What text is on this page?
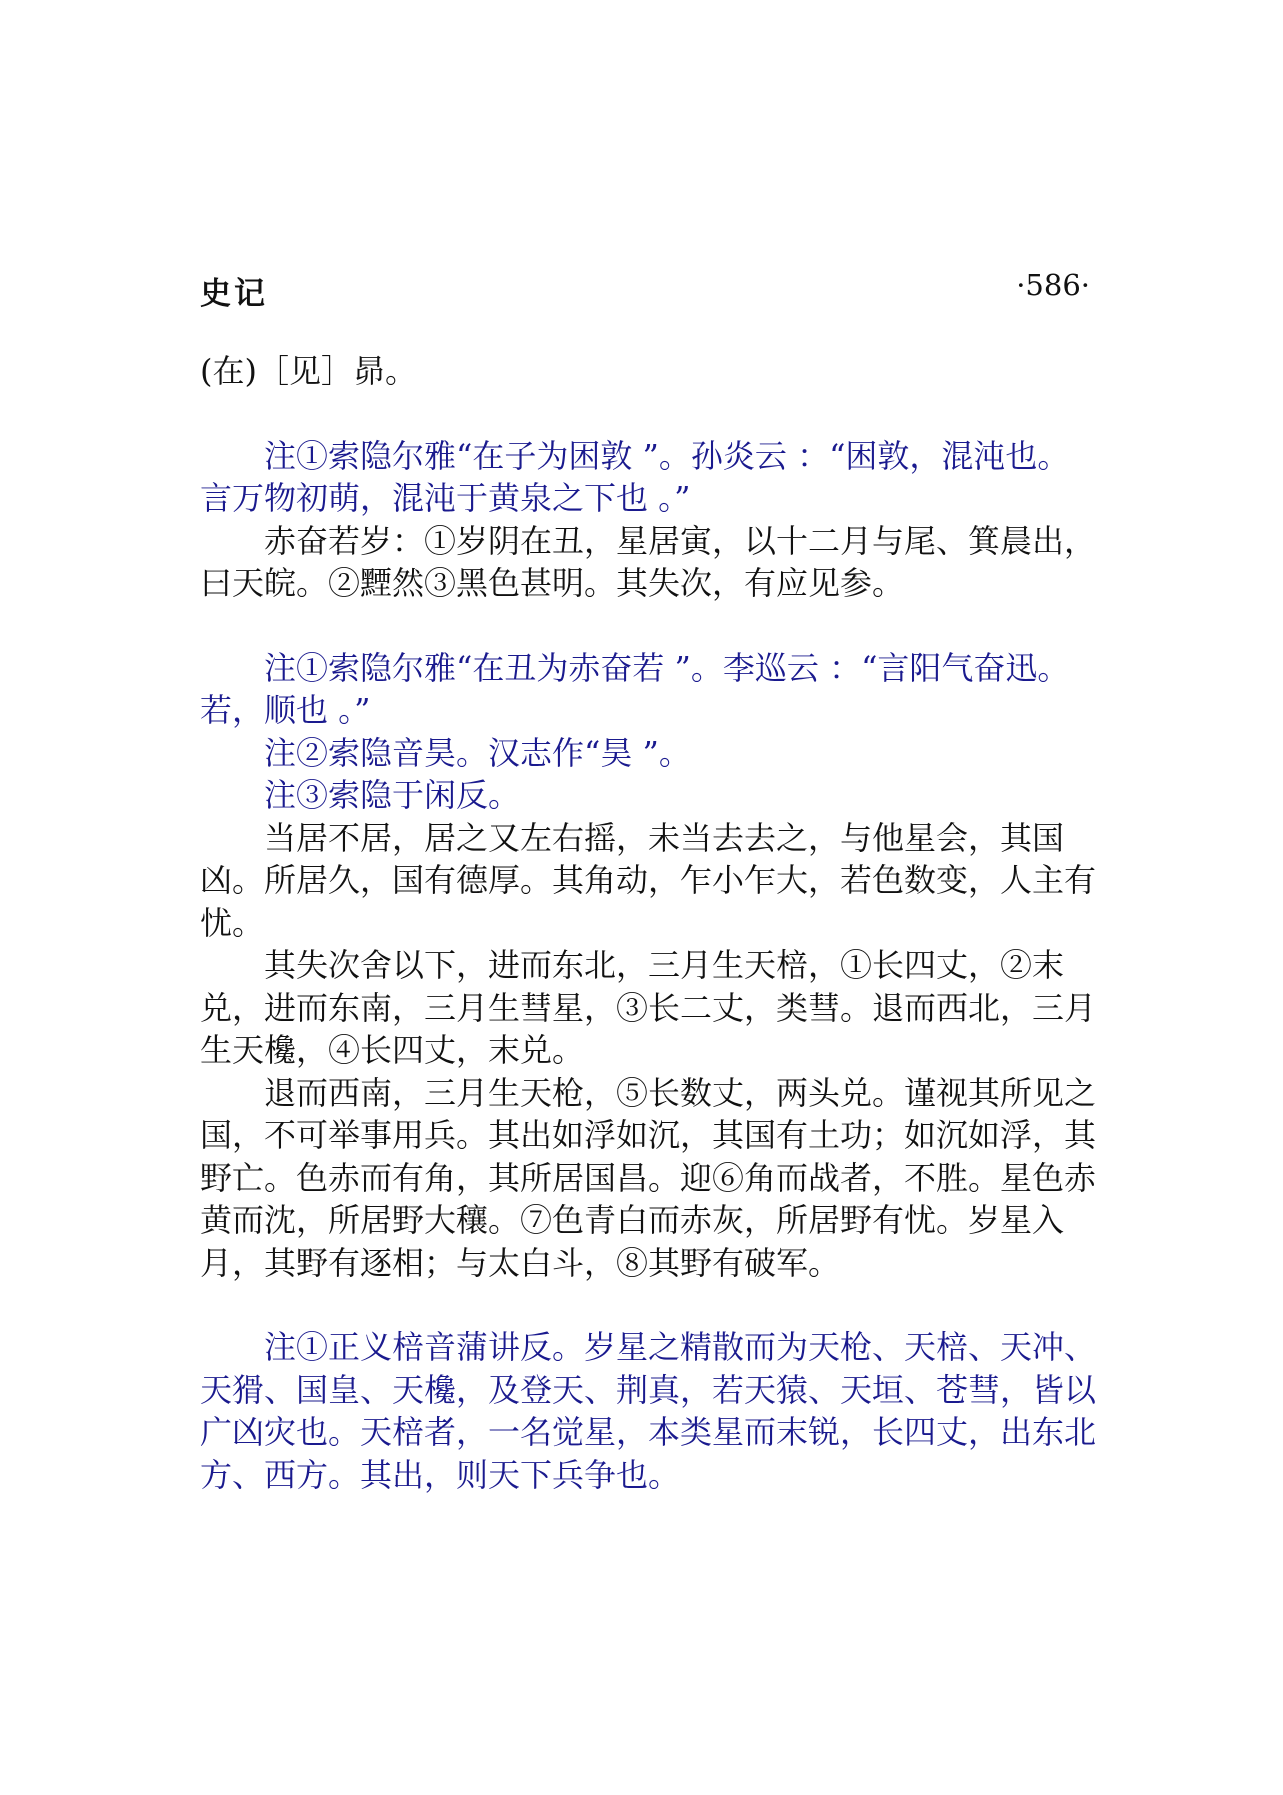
史记	·586·

(在)［见］昴。

注①索隐尔雅“在子为困敦 ”。孙炎云 ：“困敦，混沌也。言万物初萌，混沌于黄泉之下也 。”

赤奋若岁：①岁阴在丑，星居寅，以十二月与尾、箕晨出，曰天皖。②黫然③黑色甚明。其失次，有应见参。

注①索隐尔雅“在丑为赤奋若 ”。李巡云 ：“言阳气奋迅。若，顺也 。”

注②索隐音昊。汉志作“昊 ”。

注③索隐于闲反。

当居不居，居之又左右摇，未当去去之，与他星会，其国凶。所居久，国有德厚。其角动，乍小乍大，若色数变，人主有忧。

其失次舍以下，进而东北，三月生天棓，①长四丈，②末兑，进而东南，三月生彗星，③长二丈，类彗。退而西北，三月生天欃，④长四丈，末兑。

退而西南，三月生天枪，⑤长数丈，两头兑。谨视其所见之国，不可举事用兵。其出如浮如沉，其国有土功；如沉如浮，其野亡。色赤而有角，其所居国昌。迎⑥角而战者，不胜。星色赤黄而沈，所居野大穰。⑦色青白而赤灰，所居野有忧。岁星入月，其野有逐相；与太白斗，⑧其野有破军。

注①正义棓音蒲讲反。岁星之精散而为天枪、天棓、天冲、天猾、国皇、天欃，及登天、荆真，若天猿、天垣、苍彗，皆以广凶灾也。天棓者，一名觉星，本类星而末锐，长四丈，出东北方、西方。其出，则天下兵争也。
